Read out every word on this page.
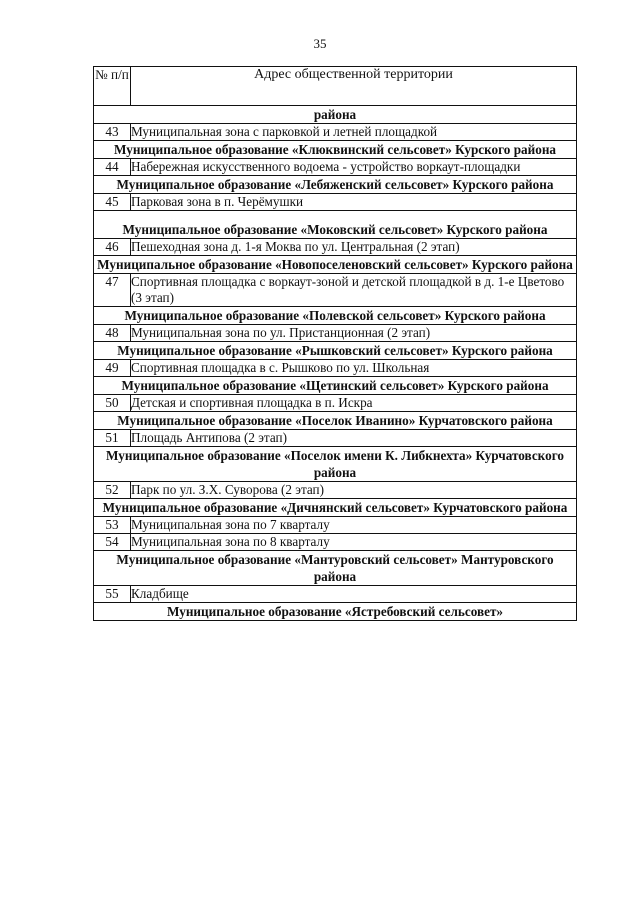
35
№ п/п	Адрес общественной территории
района	
43	Муниципальная зона с парковкой и летней площадкой
Муниципальное образование «Клюквинский сельсовет» Курского района	
44	Набережная искусственного водоема - устройство воркаут-площадки
Муниципальное образование «Лебяженский сельсовет» Курского района	
45	Парковая зона в п. Черёмушки
Муниципальное образование «Моковский сельсовет» Курского района	
46	Пешеходная зона д. 1-я Моква по ул. Центральная (2 этап)
Муниципальное образование «Новопоселеновский сельсовет» Курского района	
47	Спортивная площадка с воркаут-зоной и детской площадкой в д. 1-е Цветово (3 этап)
Муниципальное образование «Полевской сельсовет» Курского района	
48	Муниципальная зона по ул. Пристанционная (2 этап)
Муниципальное образование «Рышковский сельсовет» Курского района	
49	Спортивная площадка в с. Рышково по ул. Школьная
Муниципальное образование «Щетинский сельсовет» Курского района	
50	Детская и спортивная площадка в п. Искра
Муниципальное образование «Поселок Иванино» Курчатовского района	
51	Площадь Антипова (2 этап)
Муниципальное образование «Поселок имени К. Либкнехта» Курчатовского района	
52	Парк по ул. З.Х. Суворова (2 этап)
Муниципальное образование «Дичнянский сельсовет» Курчатовского района	
53	Муниципальная зона по 7 кварталу
54	Муниципальная зона по 8 кварталу
Муниципальное образование «Мантуровский сельсовет» Мантуровского района	
55	Кладбище
Муниципальное образование «Ястребовский сельсовет»	
